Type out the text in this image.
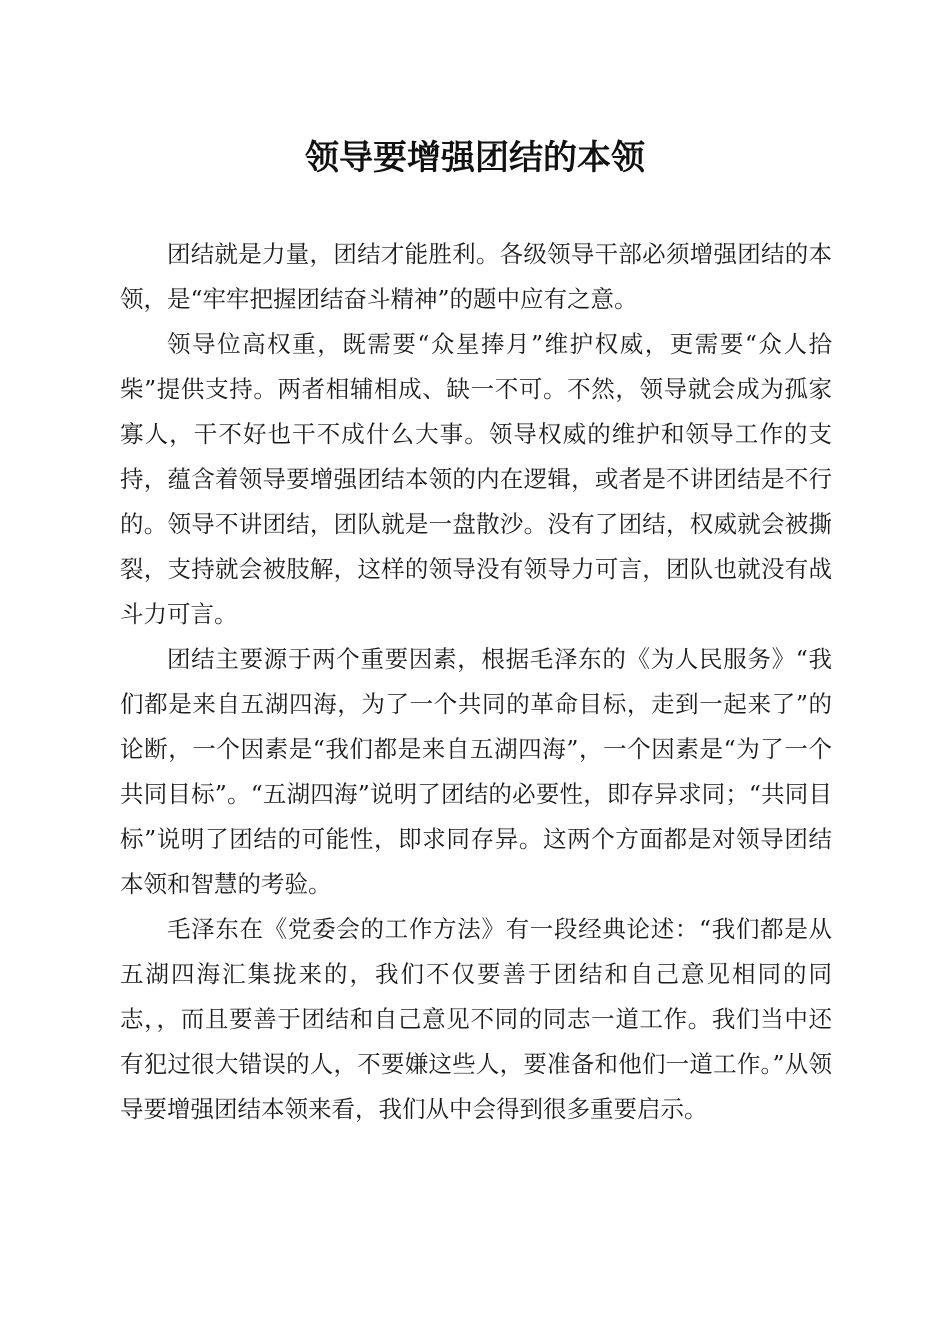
领导要增强团结的本领

团结就是力量，团结才能胜利。各级领导干部必须增强团结的本领，是“牢牢把握团结奋斗精神”的题中应有之意。

领导位高权重，既需要“众星捧月”维护权威，更需要“众人拾柴”提供支持。两者相辅相成、缺一不可。不然，领导就会成为孤家寡人，干不好也干不成什么大事。领导权威的维护和领导工作的支持，蕴含着领导要增强团结本领的内在逻辑，或者是不讲团结是不行的。领导不讲团结，团队就是一盘散沙。没有了团结，权威就会被撕裂，支持就会被肢解，这样的领导没有领导力可言，团队也就没有战斗力可言。

团结主要源于两个重要因素，根据毛泽东的《为人民服务》“我们都是来自五湖四海，为了一个共同的革命目标，走到一起来了”的论断，一个因素是“我们都是来自五湖四海”，一个因素是“为了一个共同目标”。“五湖四海”说明了团结的必要性，即存异求同；“共同目标”说明了团结的可能性，即求同存异。这两个方面都是对领导团结本领和智慧的考验。

毛泽东在《党委会的工作方法》有一段经典论述：“我们都是从五湖四海汇集拢来的，我们不仅要善于团结和自己意见相同的同志，，而且要善于团结和自己意见不同的同志一道工作。我们当中还有犯过很大错误的人，不要嫌这些人，要准备和他们一道工作。”从领导要增强团结本领来看，我们从中会得到很多重要启示。
